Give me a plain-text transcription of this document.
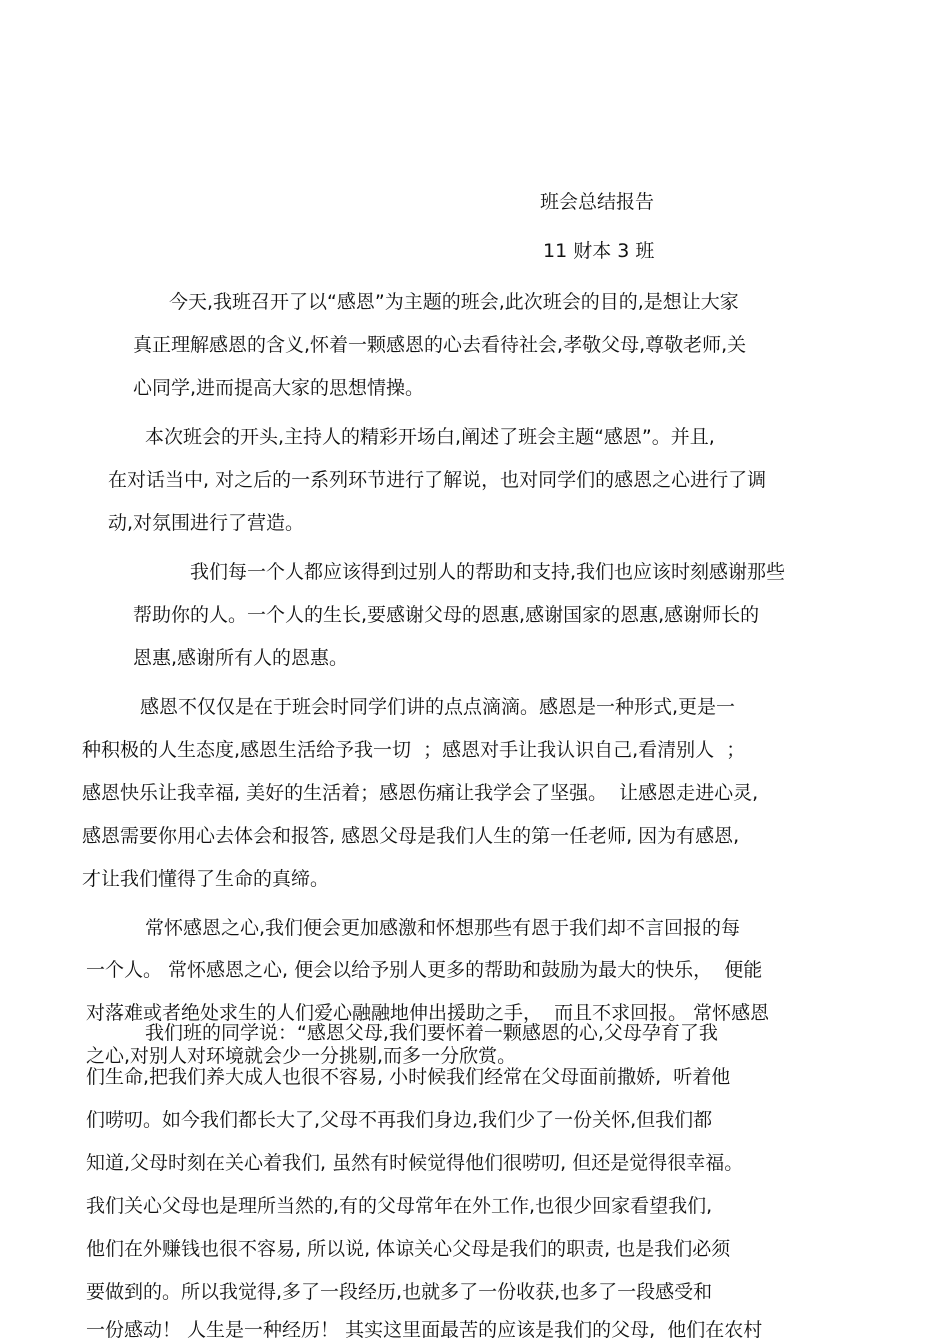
班会总结报告

11 财本 3 班

今天,我班召开了以“感恩”为主题的班会,此次班会的目的,是想让大家

真正理解感恩的含义,怀着一颗感恩的心去看待社会,孝敬父母,尊敬老师,关

心同学,进而提高大家的思想情操。

本次班会的开头,主持人的精彩开场白,阐述了班会主题“感恩”。并且,

在对话当中, 对之后的一系列环节进行了解说，也对同学们的感恩之心进行了调

动,对氛围进行了营造。

我们每一个人都应该得到过别人的帮助和支持,我们也应该时刻感谢那些

帮助你的人。一个人的生长,要感谢父母的恩惠,感谢国家的恩惠,感谢师长的

恩惠,感谢所有人的恩惠。

感恩不仅仅是在于班会时同学们讲的点点滴滴。感恩是一种形式,更是一

种积极的人生态度,感恩生活给予我一切  ；感恩对手让我认识自己,看清别人  ；

感恩快乐让我幸福, 美好的生活着；感恩伤痛让我学会了坚强。  让感恩走进心灵,

感恩需要你用心去体会和报答, 感恩父母是我们人生的第一任老师, 因为有感恩,

才让我们懂得了生命的真缔。

常怀感恩之心,我们便会更加感激和怀想那些有恩于我们却不言回报的每

一个人。 常怀感恩之心, 便会以给予别人更多的帮助和鼓励为最大的快乐，  便能

对落难或者绝处求生的人们爱心融融地伸出援助之手，  而且不求回报。 常怀感恩

我们班的同学说：“感恩父母,我们要怀着一颗感恩的心,父母孕育了我

之心,对别人对环境就会少一分挑剔,而多一分欣赏。

们生命,把我们养大成人也很不容易, 小时候我们经常在父母面前撒娇,  听着他

们唠叨。如今我们都长大了,父母不再我们身边,我们少了一份关怀,但我们都

知道,父母时刻在关心着我们, 虽然有时候觉得他们很唠叨, 但还是觉得很幸福。

我们关心父母也是理所当然的,有的父母常年在外工作,也很少回家看望我们,

他们在外赚钱也很不容易, 所以说, 体谅关心父母是我们的职责, 也是我们必须

要做到的。所以我觉得,多了一段经历,也就多了一份收获,也多了一段感受和

一份感动！ 人生是一种经历！ 其实这里面最苦的应该是我们的父母,  他们在农村
